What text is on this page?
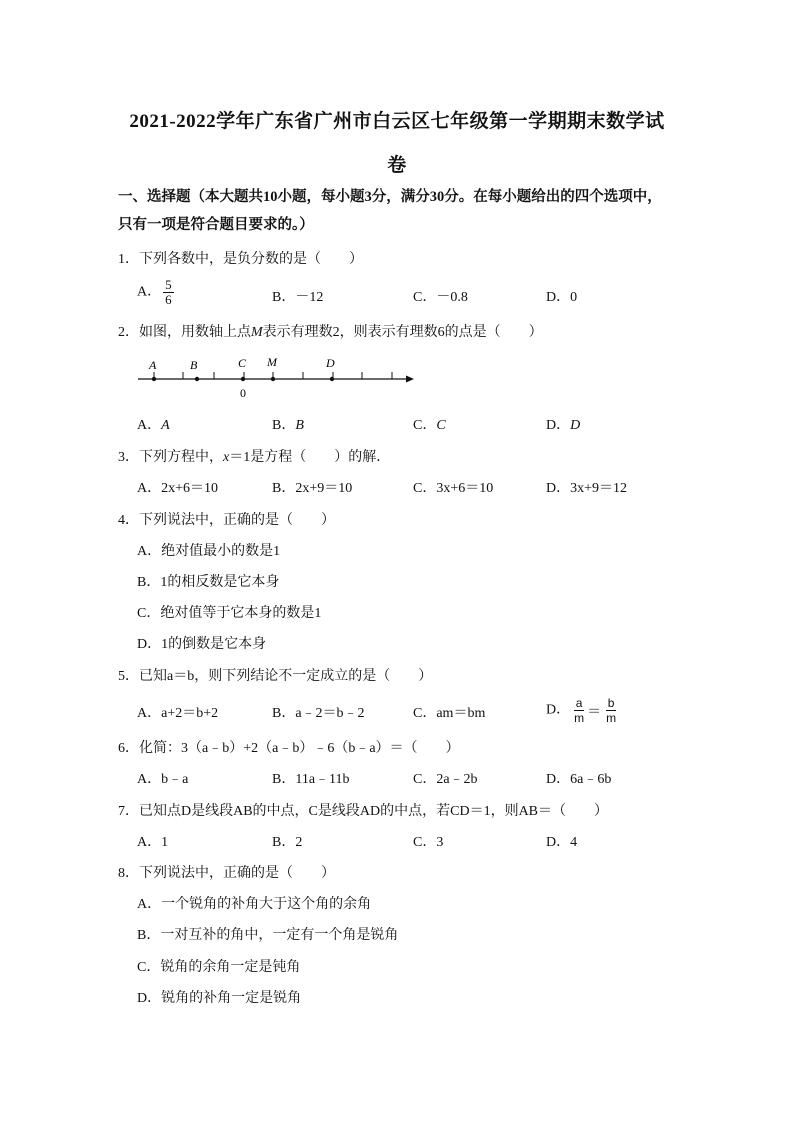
2021-2022学年广东省广州市白云区七年级第一学期期末数学试
卷
一、选择题（本大题共10小题，每小题3分，满分30分。在每小题给出的四个选项中，
只有一项是符合题目要求的。）
1．下列各数中，是负分数的是（　　）
A． $\frac{5}{6}$	B．－12	C．－0.8	D．0
2．如图，用数轴上点M表示有理数2，则表示有理数6的点是（　　）
A	B	C M	D
0
A．A	B．B	C．C	D．D
3．下列方程中，x＝1是方程（　　）的解．
A．2x+6＝10	B．2x+9＝10	C．3x+6＝10	D．3x+9＝12
4．下列说法中，正确的是（　　）
A．绝对值最小的数是1
B．1的相反数是它本身
C．绝对值等于它本身的数是1
D．1的倒数是它本身
5．已知a＝b，则下列结论不一定成立的是（　　）
A．a+2＝b+2	B．a﹣2＝b﹣2	C．am＝bm	D． $\frac{a}{m} = \frac{b}{m}$
6．化简：3（a﹣b）+2（a﹣b）﹣6（b﹣a）＝（　　）
A．b﹣a	B．11a﹣11b	C．2a﹣2b	D．6a﹣6b
7．已知点D是线段AB的中点，C是线段AD的中点，若CD＝1，则AB＝（　　）
A．1	B．2	C．3	D．4
8．下列说法中，正确的是（　　）
A．一个锐角的补角大于这个角的余角
B．一对互补的角中，一定有一个角是锐角
C．锐角的余角一定是钝角
D．锐角的补角一定是锐角
